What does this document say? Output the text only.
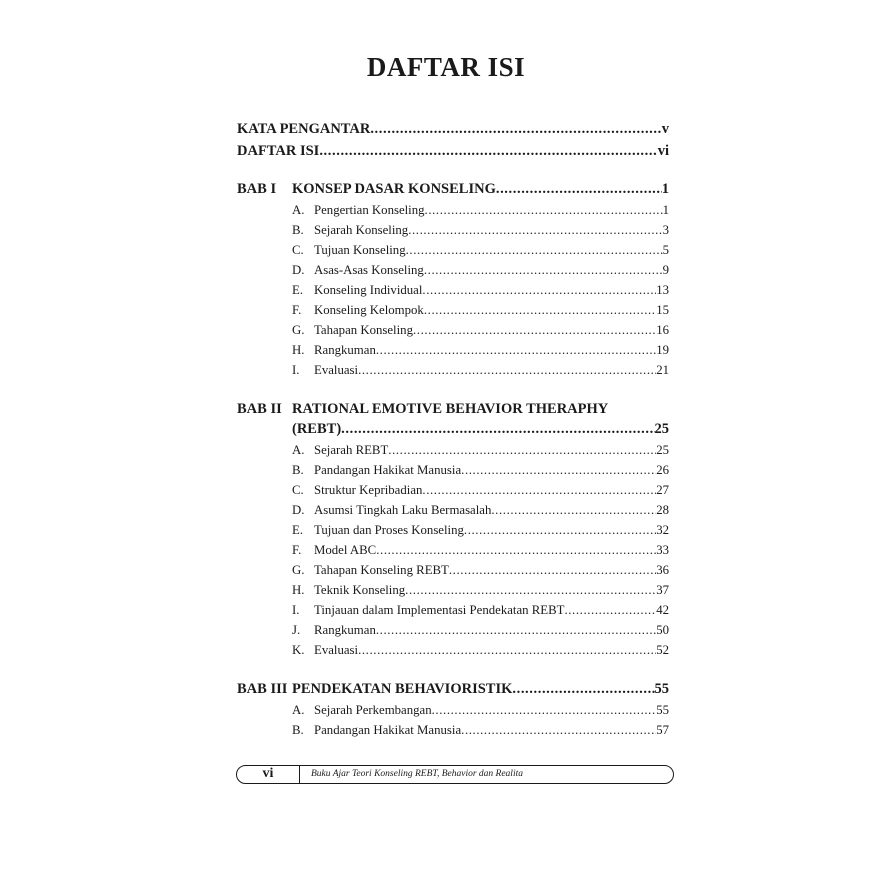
DAFTAR ISI
KATA PENGANTAR .....	v
DAFTAR ISI .....	vi
BAB I KONSEP DASAR KONSELING .....	1
A. Pengertian Konseling .....	1
B. Sejarah Konseling .....	3
C. Tujuan Konseling .....	5
D. Asas-Asas Konseling .....	9
E. Konseling Individual .....	13
F. Konseling Kelompok .....	15
G. Tahapan Konseling .....	16
H. Rangkuman .....	19
I.	Evaluasi .....	21
BAB II RATIONAL EMOTIVE BEHAVIOR THERAPHY
(REBT) .....	25
A. Sejarah REBT .....	25
B. Pandangan Hakikat Manusia .....	26
C. Struktur Kepribadian .....	27
D. Asumsi Tingkah Laku Bermasalah .....	28
E. Tujuan dan Proses Konseling .....	32
F. Model ABC .....	33
G. Tahapan Konseling REBT .....	36
H. Teknik Konseling .....	37
I.	Tinjauan dalam Implementasi Pendekatan REBT .....	42
J.	Rangkuman .....	50
K. Evaluasi .....	52
BAB III PENDEKATAN BEHAVIORISTIK .....	55
A. Sejarah Perkembangan .....	55
B. Pandangan Hakikat Manusia .....	57
vi	Buku Ajar Teori Konseling REBT, Behavior dan Realita
